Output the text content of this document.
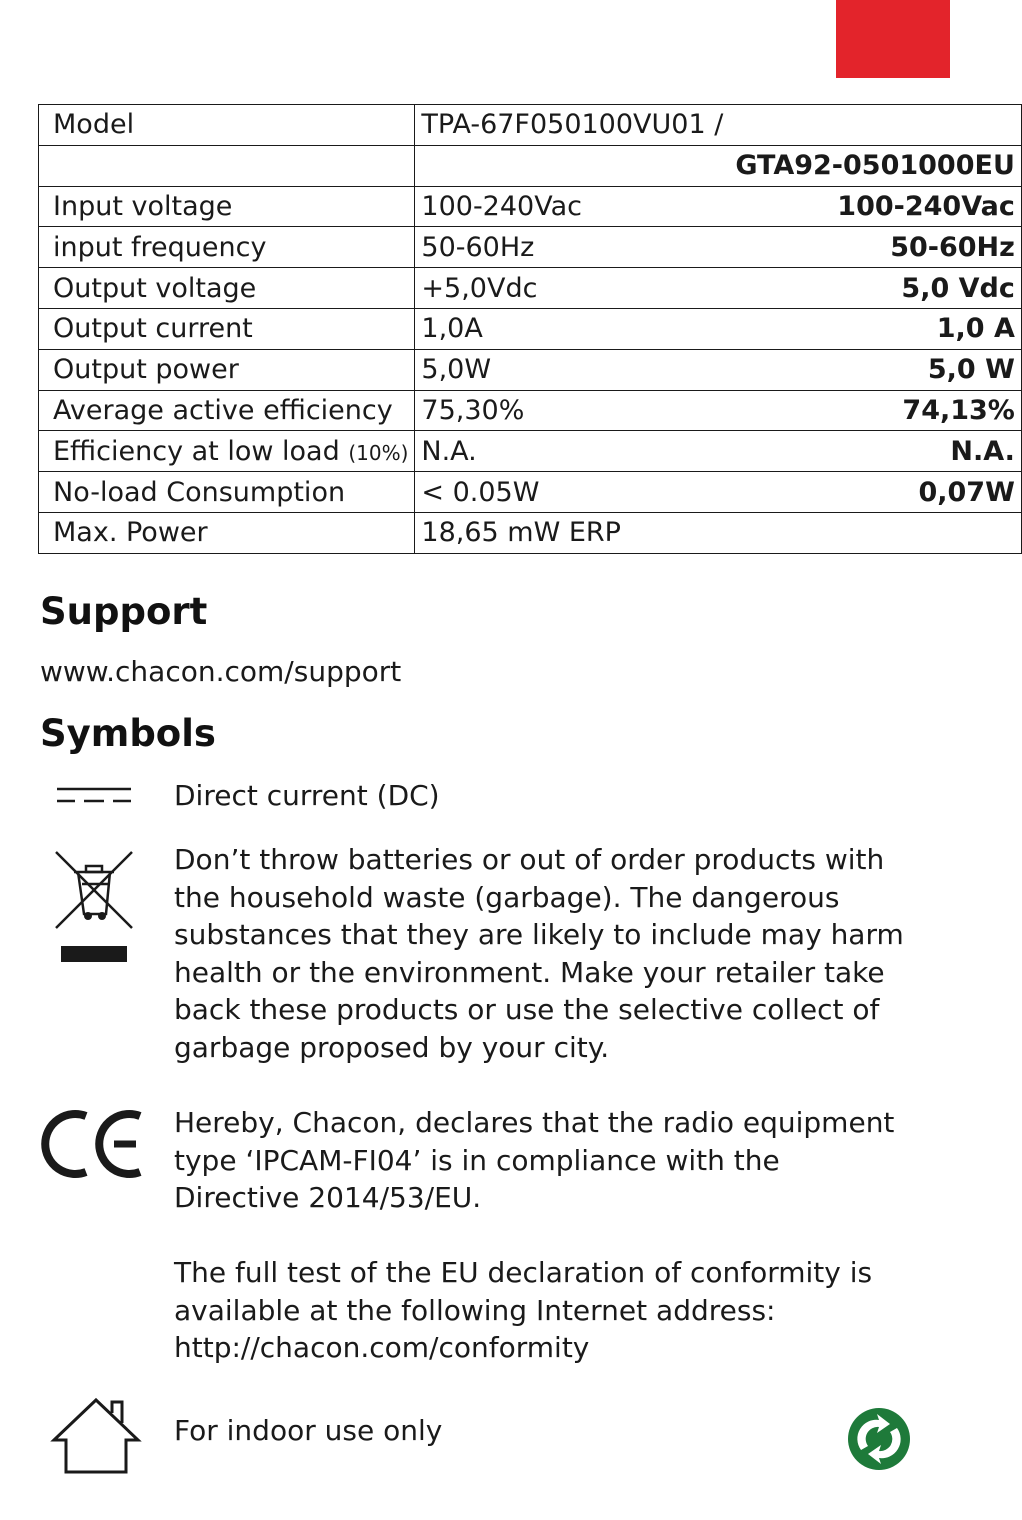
Model	TPA-67F050100VU01 /	
		GTA92-0501000EU
Input voltage	100-240Vac	100-240Vac
input frequency	50-60Hz	50-60Hz
Output voltage	+5,0Vdc	5,0 Vdc
Output current	1,0A	1,0 A
Output power	5,0W	5,0 W
Average active efficiency	75,30%	74,13%
Efficiency at low load (10%)	N.A.	N.A.
No-load Consumption	< 0.05W	0,07W
Max. Power	18,65 mW ERP	
Support
www.chacon.com/support
Symbols
Direct current (DC)
Don’t throw batteries or out of order products with the household waste (garbage). The dangerous substances that they are likely to include may harm health or the environment. Make your retailer take back these products or use the selective collect of garbage proposed by your city.
Hereby, Chacon, declares that the radio equipment type ‘IPCAM-FI04’ is in compliance with the Directive 2014/53/EU.
The full test of the EU declaration of conformity is available at the following Internet address: http://chacon.com/conformity
For indoor use only
